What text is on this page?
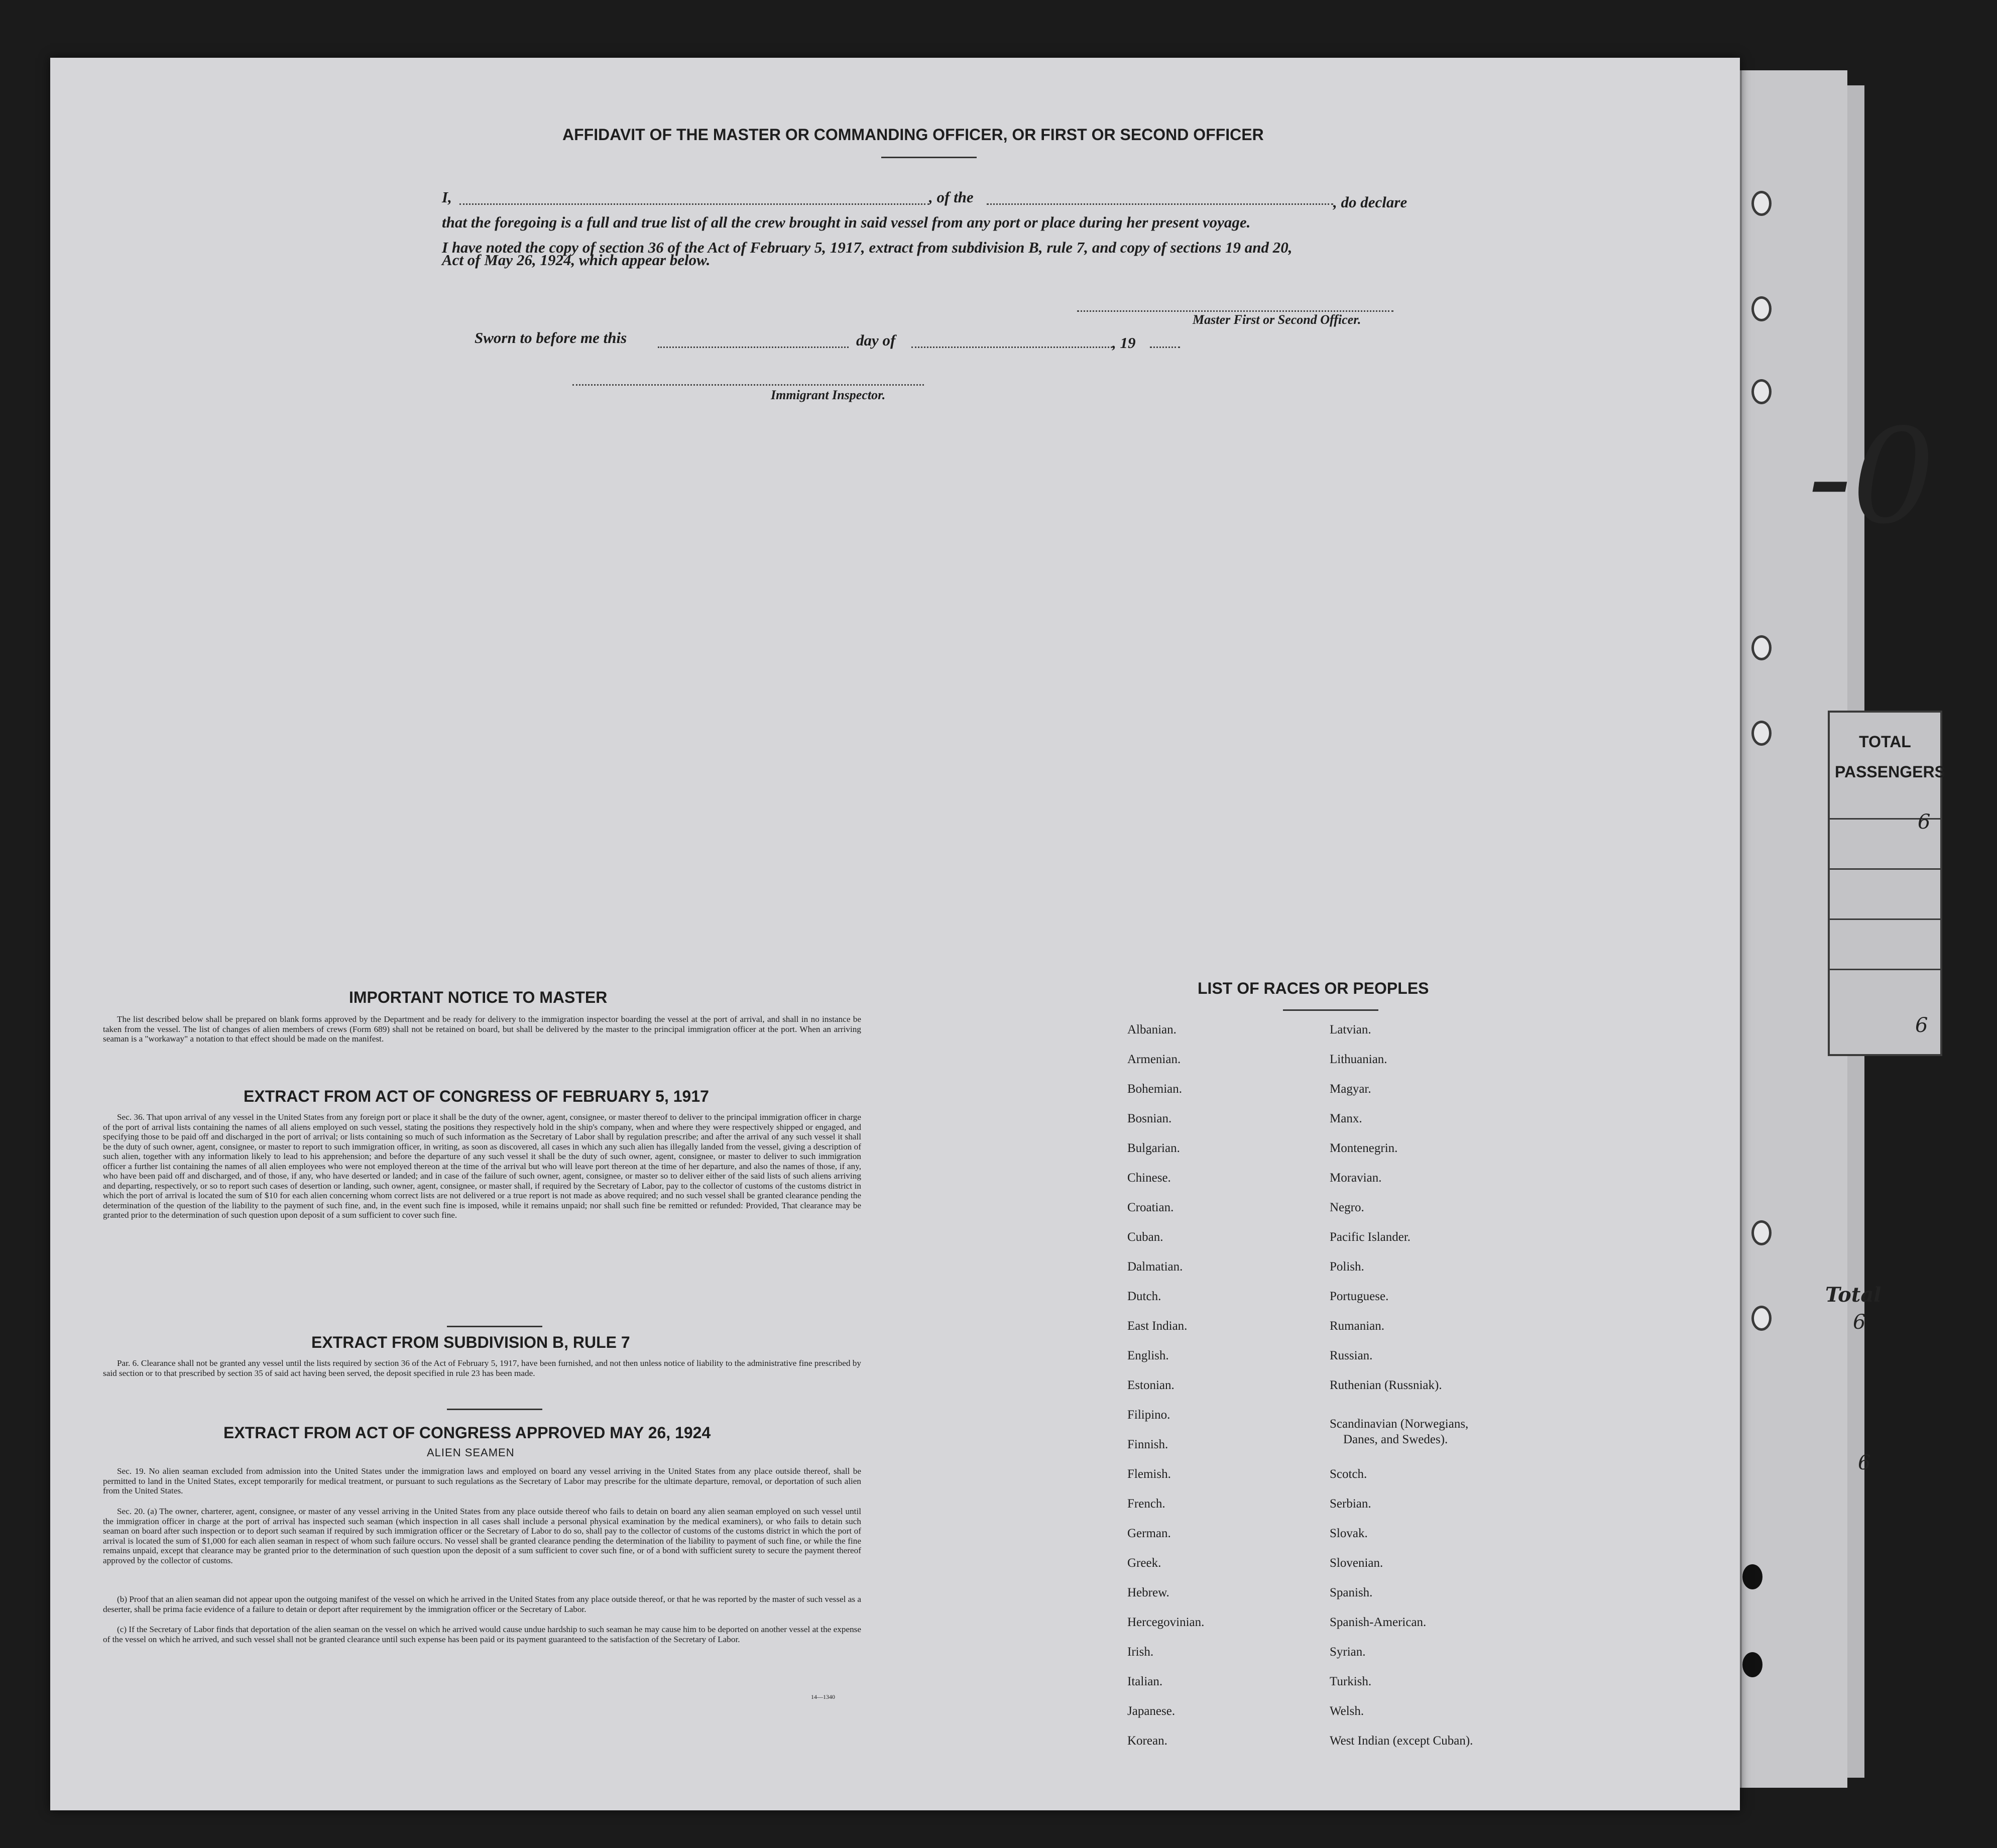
TOTAL
PASSENGERS
6
6
-0
Total
6
6
AFFIDAVIT OF THE MASTER OR COMMANDING OFFICER, OR FIRST OR SECOND OFFICER
I,	, of the	, do declare
that the foregoing is a full and true list of all the crew brought in said vessel from any port or place during her present voyage.
I have noted the copy of section 36 of the Act of February 5, 1917, extract from subdivision B, rule 7, and copy of sections 19 and 20,
Act of May 26, 1924, which appear below.
Master First or Second Officer.
Sworn to before me this	day of	, 19
Immigrant Inspector.
IMPORTANT NOTICE TO MASTER

The list described below shall be prepared on blank forms approved by the Department and be ready for delivery to the immigration inspector boarding the vessel at the port of arrival, and shall in no instance be taken from the vessel. The list of changes of alien members of crews (Form 689) shall not be retained on board, but shall be delivered by the master to the principal immigration officer at the port. When an arriving seaman is a "workaway" a notation to that effect should be made on the manifest.

EXTRACT FROM ACT OF CONGRESS OF FEBRUARY 5, 1917

Sec. 36. That upon arrival of any vessel in the United States from any foreign port or place it shall be the duty of the owner, agent, consignee, or master thereof to deliver to the principal immigration officer in charge of the port of arrival lists containing the names of all aliens employed on such vessel, stating the positions they respectively hold in the ship's company, when and where they were respectively shipped or engaged, and specifying those to be paid off and discharged in the port of arrival; or lists containing so much of such information as the Secretary of Labor shall by regulation prescribe; and after the arrival of any such vessel it shall be the duty of such owner, agent, consignee, or master to report to such immigration officer, in writing, as soon as discovered, all cases in which any such alien has illegally landed from the vessel, giving a description of such alien, together with any information likely to lead to his apprehension; and before the departure of any such vessel it shall be the duty of such owner, agent, consignee, or master to deliver to such immigration officer a further list containing the names of all alien employees who were not employed thereon at the time of the arrival but who will leave port thereon at the time of her departure, and also the names of those, if any, who have been paid off and discharged, and of those, if any, who have deserted or landed; and in case of the failure of such owner, agent, consignee, or master so to deliver either of the said lists of such aliens arriving and departing, respectively, or so to report such cases of desertion or landing, such owner, agent, consignee, or master shall, if required by the Secretary of Labor, pay to the collector of customs of the customs district in which the port of arrival is located the sum of $10 for each alien concerning whom correct lists are not delivered or a true report is not made as above required; and no such vessel shall be granted clearance pending the determination of the question of the liability to the payment of such fine, and, in the event such fine is imposed, while it remains unpaid; nor shall such fine be remitted or refunded: Provided, That clearance may be granted prior to the determination of such question upon deposit of a sum sufficient to cover such fine.

EXTRACT FROM SUBDIVISION B, RULE 7

Par. 6. Clearance shall not be granted any vessel until the lists required by section 36 of the Act of February 5, 1917, have been furnished, and not then unless notice of liability to the administrative fine prescribed by said section or to that prescribed by section 35 of said act having been served, the deposit specified in rule 23 has been made.

EXTRACT FROM ACT OF CONGRESS APPROVED MAY 26, 1924
ALIEN SEAMEN

Sec. 19. No alien seaman excluded from admission into the United States under the immigration laws and employed on board any vessel arriving in the United States from any place outside thereof, shall be permitted to land in the United States, except temporarily for medical treatment, or pursuant to such regulations as the Secretary of Labor may prescribe for the ultimate departure, removal, or deportation of such alien from the United States.

Sec. 20. (a) The owner, charterer, agent, consignee, or master of any vessel arriving in the United States from any place outside thereof who fails to detain on board any alien seaman employed on such vessel until the immigration officer in charge at the port of arrival has inspected such seaman (which inspection in all cases shall include a personal physical examination by the medical examiners), or who fails to detain such seaman on board after such inspection or to deport such seaman if required by such immigration officer or the Secretary of Labor to do so, shall pay to the collector of customs of the customs district in which the port of arrival is located the sum of $1,000 for each alien seaman in respect of whom such failure occurs. No vessel shall be granted clearance pending the determination of the liability to payment of such fine, or while the fine remains unpaid, except that clearance may be granted prior to the determination of such question upon the deposit of a sum sufficient to cover such fine, or of a bond with sufficient surety to secure the payment thereof approved by the collector of customs.

(b) Proof that an alien seaman did not appear upon the outgoing manifest of the vessel on which he arrived in the United States from any place outside thereof, or that he was reported by the master of such vessel as a deserter, shall be prima facie evidence of a failure to detain or deport after requirement by the immigration officer or the Secretary of Labor.

(c) If the Secretary of Labor finds that deportation of the alien seaman on the vessel on which he arrived would cause undue hardship to such seaman he may cause him to be deported on another vessel at the expense of the vessel on which he arrived, and such vessel shall not be granted clearance until such expense has been paid or its payment guaranteed to the satisfaction of the Secretary of Labor.

14—1340
LIST OF RACES OR PEOPLES
Albanian.
Armenian.
Bohemian.
Bosnian.
Bulgarian.
Chinese.
Croatian.
Cuban.
Dalmatian.
Dutch.
East Indian.
English.
Estonian.
Filipino.
Finnish.
Flemish.
French.
German.
Greek.
Hebrew.
Hercegovinian.
Irish.
Italian.
Japanese.
Korean.
Latvian.
Lithuanian.
Magyar.
Manx.
Montenegrin.
Moravian.
Negro.
Pacific Islander.
Polish.
Portuguese.
Rumanian.
Russian.
Ruthenian (Russniak).
Scandinavian (Norwegians,
Danes, and Swedes).
Scotch.
Serbian.
Slovak.
Slovenian.
Spanish.
Spanish-American.
Syrian.
Turkish.
Welsh.
West Indian (except Cuban).
